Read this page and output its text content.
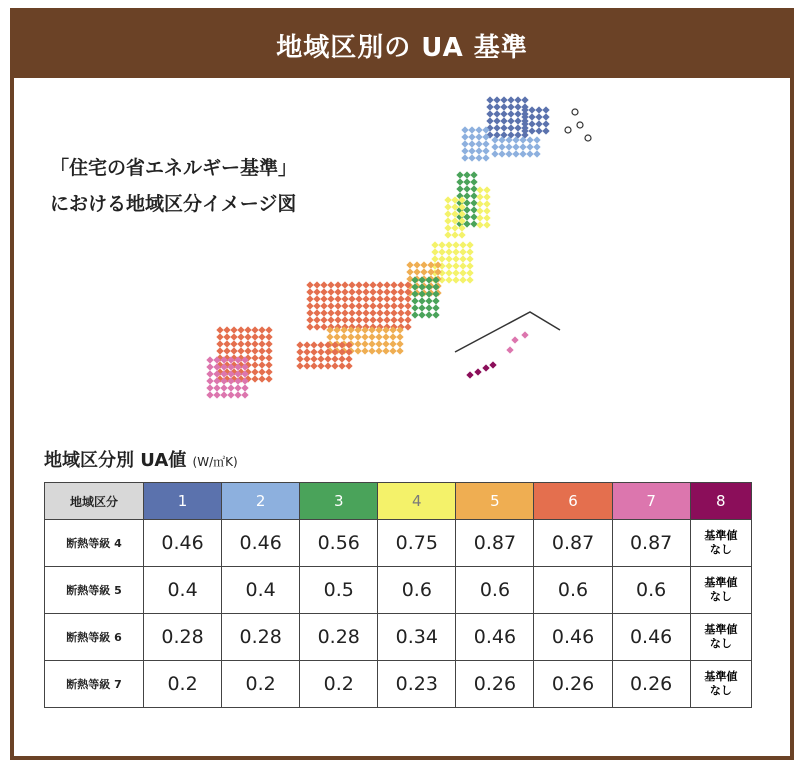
地域区別の UA 基準
「住宅の省エネルギー基準」
における地域区分イメージ図
地域区分別 UA値 (W/㎡K)
地域区分	1	2	3	4	5	6	7	8
断熱等級 4	0.46	0.46	0.56	0.75	0.87	0.87	0.87	基準値
なし

断熱等級 5	0.4	0.4	0.5	0.6	0.6	0.6	0.6	基準値
なし

断熱等級 6	0.28	0.28	0.28	0.34	0.46	0.46	0.46	基準値
なし

断熱等級 7	0.2	0.2	0.2	0.23	0.26	0.26	0.26	基準値
なし
